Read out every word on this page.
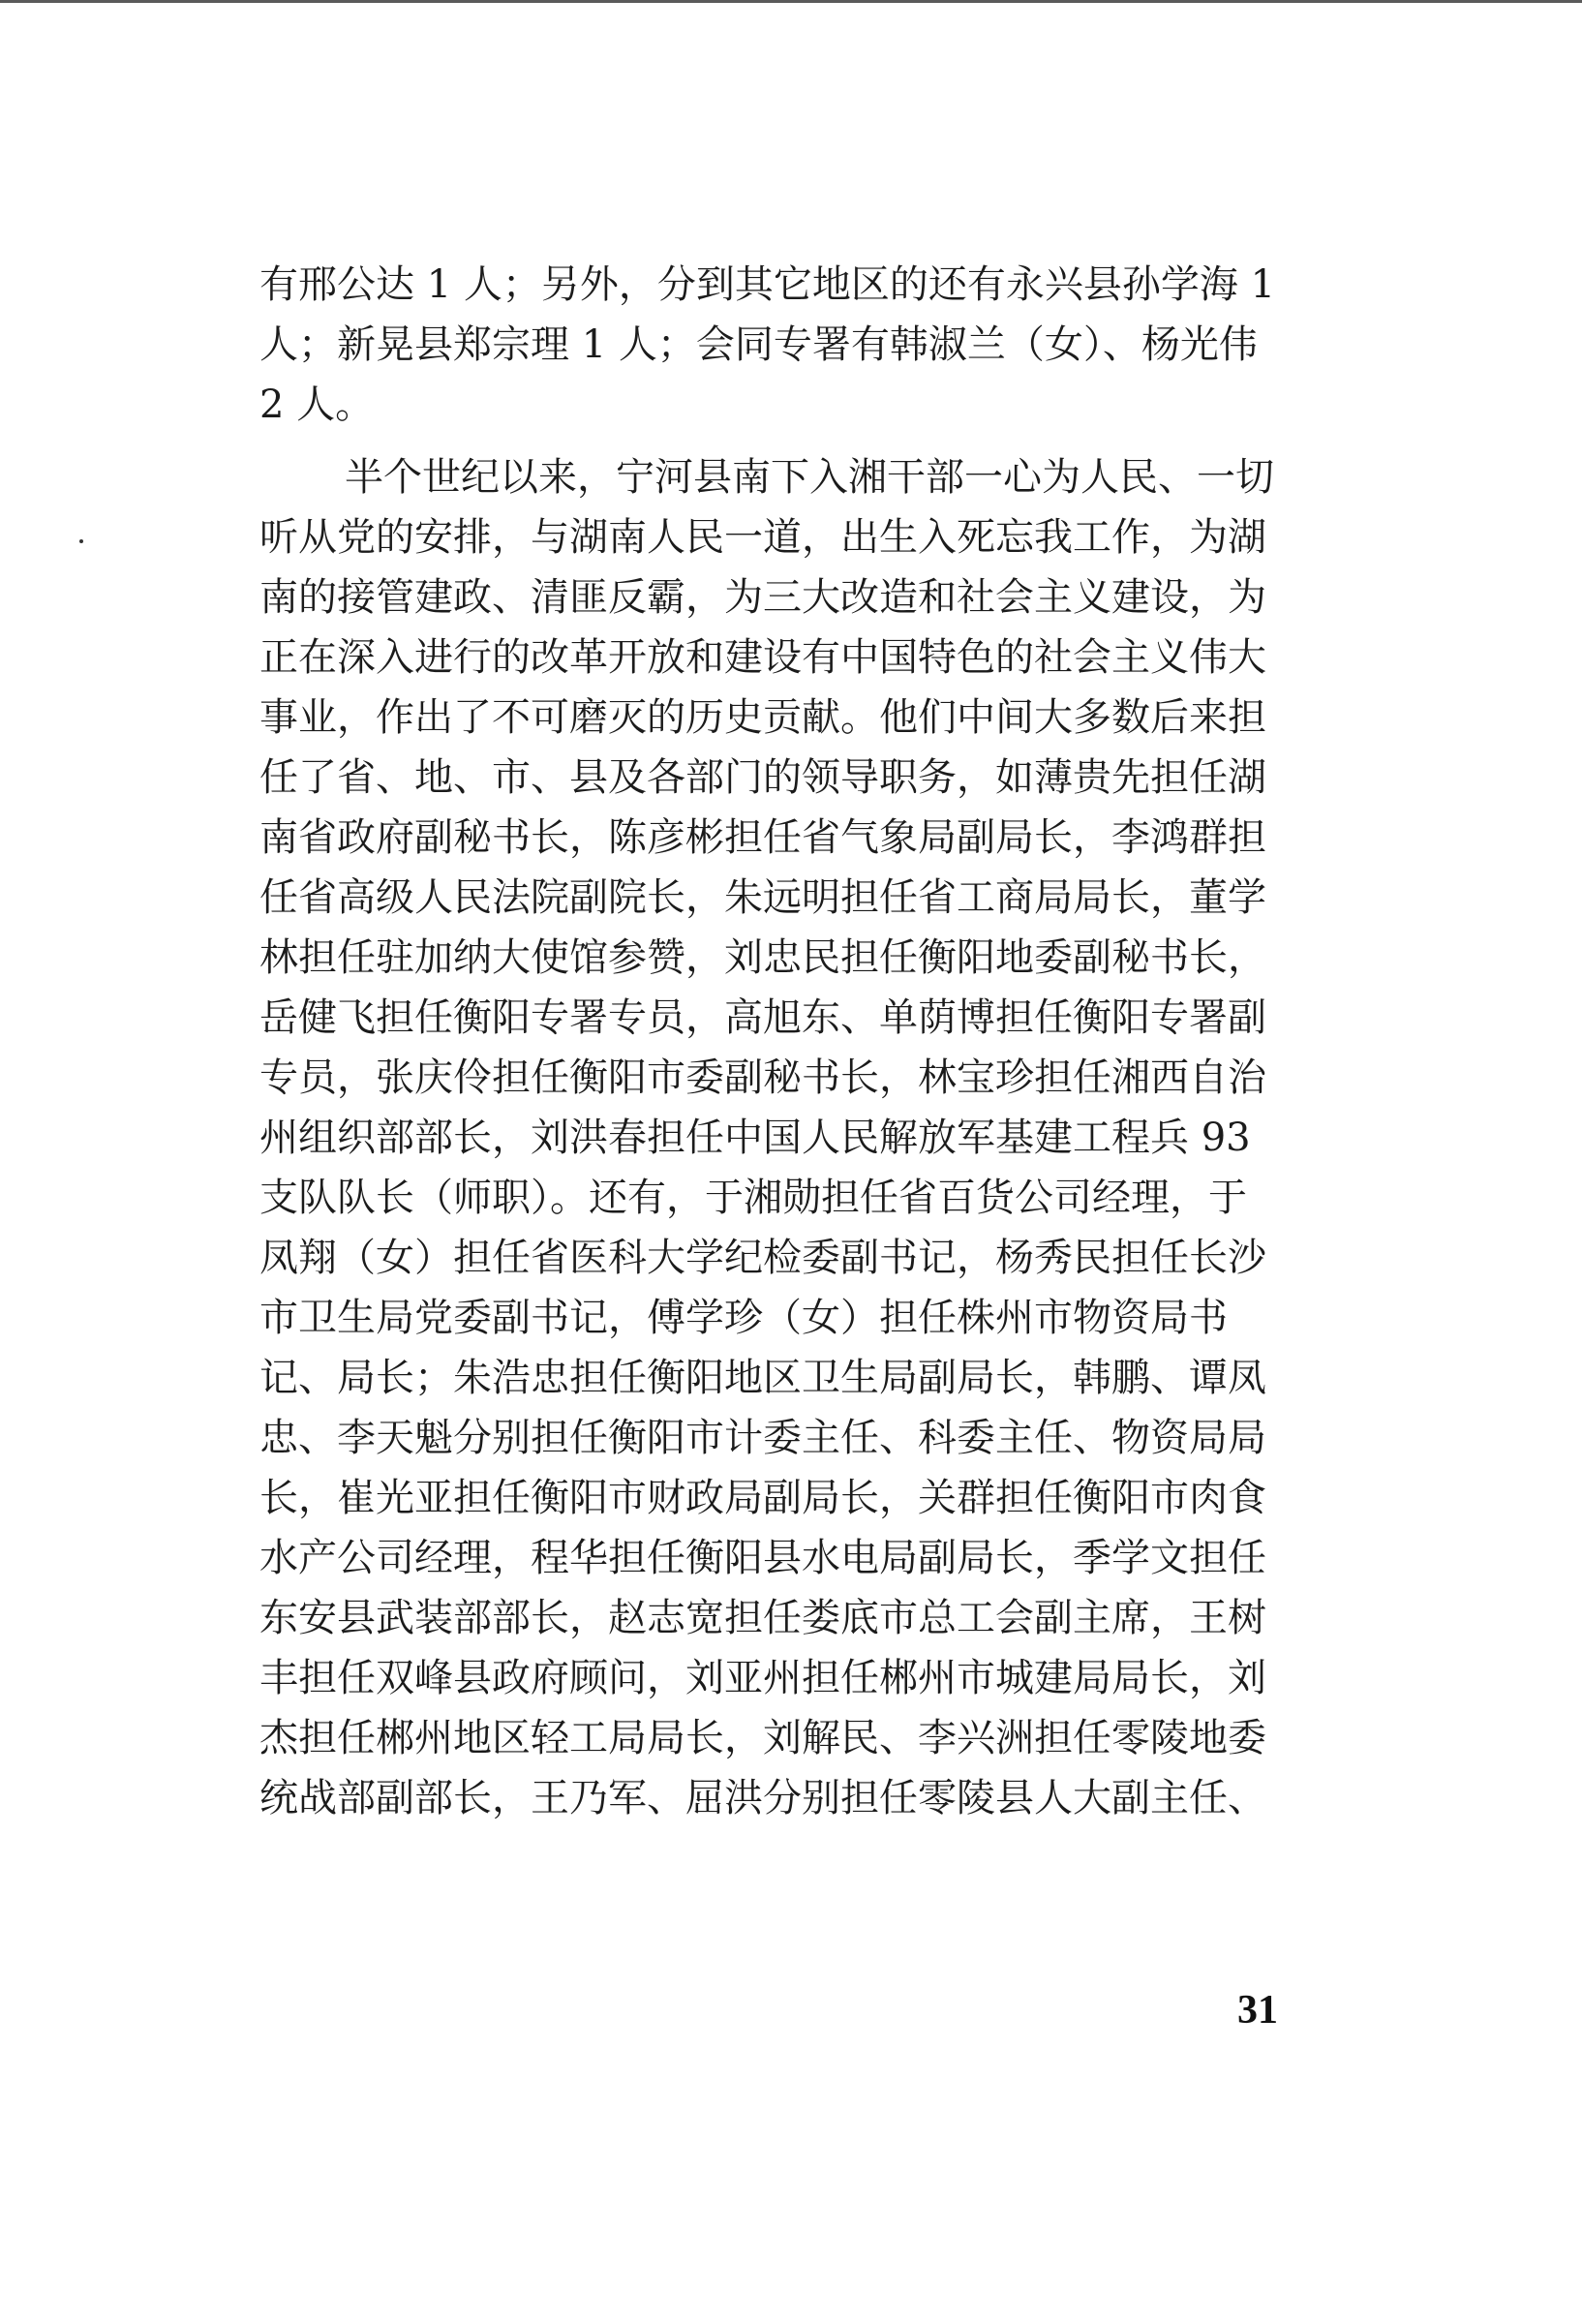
有邢公达 1 人；另外，分到其它地区的还有永兴县孙学海 1
人；新晃县郑宗理 1 人；会同专署有韩淑兰（女）、杨光伟
2 人。
半个世纪以来，宁河县南下入湘干部一心为人民、一切
听从党的安排，与湖南人民一道，出生入死忘我工作，为湖
南的接管建政、清匪反霸，为三大改造和社会主义建设，为
正在深入进行的改革开放和建设有中国特色的社会主义伟大
事业，作出了不可磨灭的历史贡献。他们中间大多数后来担
任了省、地、市、县及各部门的领导职务，如薄贵先担任湖
南省政府副秘书长，陈彦彬担任省气象局副局长，李鸿群担
任省高级人民法院副院长，朱远明担任省工商局局长，董学
林担任驻加纳大使馆参赞，刘忠民担任衡阳地委副秘书长，
岳健飞担任衡阳专署专员，高旭东、单荫博担任衡阳专署副
专员，张庆伶担任衡阳市委副秘书长，林宝珍担任湘西自治
州组织部部长，刘洪春担任中国人民解放军基建工程兵 93
支队队长（师职）。还有，于湘勋担任省百货公司经理，于
凤翔（女）担任省医科大学纪检委副书记，杨秀民担任长沙
市卫生局党委副书记，傅学珍（女）担任株州市物资局书
记、局长；朱浩忠担任衡阳地区卫生局副局长，韩鹏、谭凤
忠、李天魁分别担任衡阳市计委主任、科委主任、物资局局
长，崔光亚担任衡阳市财政局副局长，关群担任衡阳市肉食
水产公司经理，程华担任衡阳县水电局副局长，季学文担任
东安县武装部部长，赵志宽担任娄底市总工会副主席，王树
丰担任双峰县政府顾问，刘亚州担任郴州市城建局局长，刘
杰担任郴州地区轻工局局长，刘解民、李兴洲担任零陵地委
统战部副部长，王乃军、屈洪分别担任零陵县人大副主任、
31
